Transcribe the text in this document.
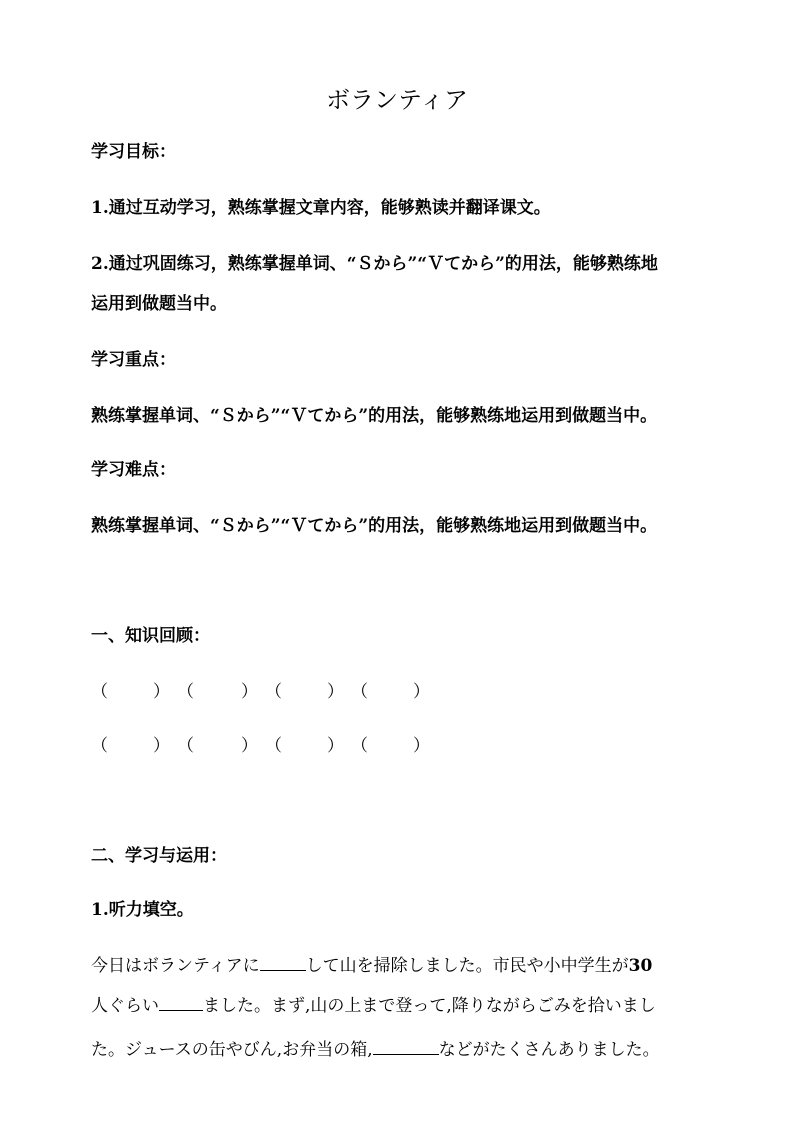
ボランティア
学习目标：
1.通过互动学习，熟练掌握文章内容，能够熟读并翻译课文。
2.通过巩固练习，熟练掌握单词、“Ｓから”“Ｖてから”的用法，能够熟练地
运用到做题当中。
学习重点：
熟练掌握单词、“Ｓから”“Ｖてから”的用法，能够熟练地运用到做题当中。
学习难点：
熟练掌握单词、“Ｓから”“Ｖてから”的用法，能够熟练地运用到做题当中。
一、知识回顾：
（	） （	） （	） （	）
（	） （	） （	） （	）
二、学习与运用：
1.听力填空。
今日はボランティアに	して山を掃除しました。市民や小中学生が30
人ぐらい	ました。まず,山の上まで登って,降りながらごみを拾いまし
た。ジュースの缶やびん,お弁当の箱,	などがたくさんありました。
